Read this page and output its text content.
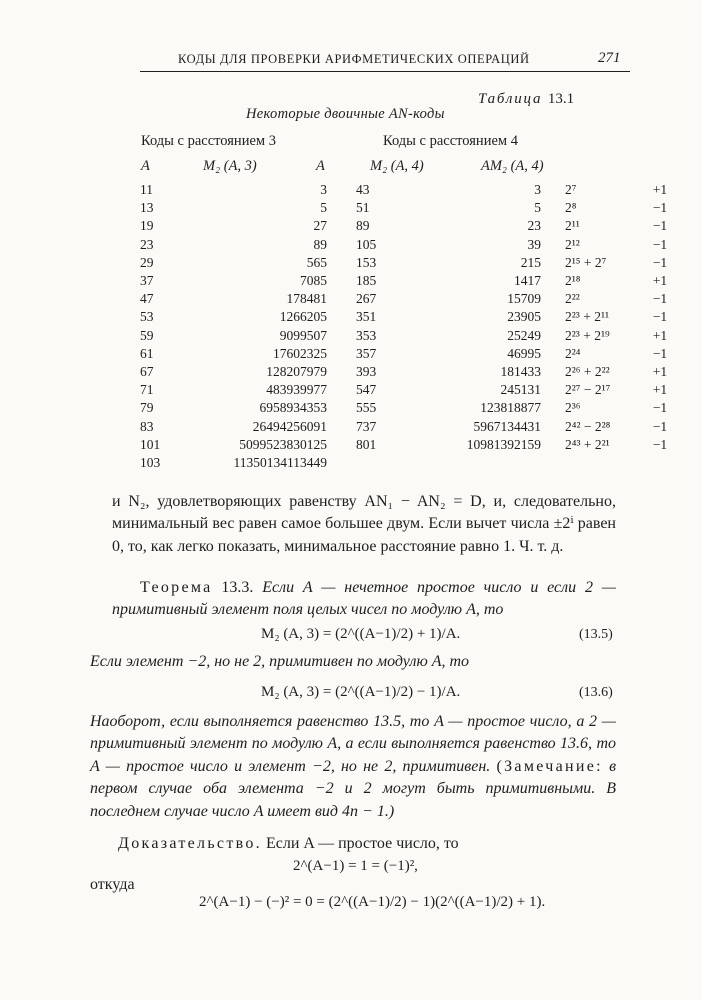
КОДЫ ДЛЯ ПРОВЕРКИ АРИФМЕТИЧЕСКИХ ОПЕРАЦИЙ	271
Таблица 13.1
Некоторые двоичные AN-коды
Коды с расстоянием 3	Коды с расстоянием 4
A	M₂ (A, 3)	A	M₂ (A, 4)	AM₂ (A, 4)
11	3	43	3	2⁷	+1
13	5	51	5	2⁸	−1
19	27	89	23	2¹¹	−1
23	89	105	39	2¹²	−1
29	565	153	215	2¹⁵ + 2⁷	−1
37	7085	185	1417	2¹⁸	+1
47	178481	267	15709	2²²	−1
53	1266205	351	23905	2²³ + 2¹¹	−1
59	9099507	353	25249	2²³ + 2¹⁹	+1
61	17602325	357	46995	2²⁴	−1
67	128207979	393	181433	2²⁶ + 2²²	+1
71	483939977	547	245131	2²⁷ − 2¹⁷	+1
79	6958934353	555	123818877	2³⁶	−1
83	26494256091	737	5967134431	2⁴² − 2²⁸	−1
101	5099523830125	801	10981392159	2⁴³ + 2²¹	−1
103	11350134113449				

и N₂, удовлетворяющих равенству AN₁ − AN₂ = D, и, следовательно, минимальный вес равен самое большее двум. Если вычет числа ±2ⁱ равен 0, то, как легко показать, минимальное расстояние равно 1. Ч. т. д.

Теорема 13.3. Если A — нечетное простое число и если 2 — примитивный элемент поля целых чисел по модулю A, то

M₂ (A, 3) = (2^((A−1)/2) + 1)/A.	(13.5)

Если элемент −2, но не 2, примитивен по модулю A, то

M₂ (A, 3) = (2^((A−1)/2) − 1)/A.	(13.6)

Наоборот, если выполняется равенство 13.5, то A — простое число, а 2 — примитивный элемент по модулю A, а если выполняется равенство 13.6, то A — простое число и элемент −2, но не 2, примитивен. (Замечание: в первом случае оба элемента −2 и 2 могут быть примитивными. В последнем случае число A имеет вид 4n − 1.)

Доказательство. Если A — простое число, то

2^(A−1) = 1 = (−1)²,
откуда
2^(A−1) − (−)² = 0 = (2^((A−1)/2) − 1)(2^((A−1)/2) + 1).
